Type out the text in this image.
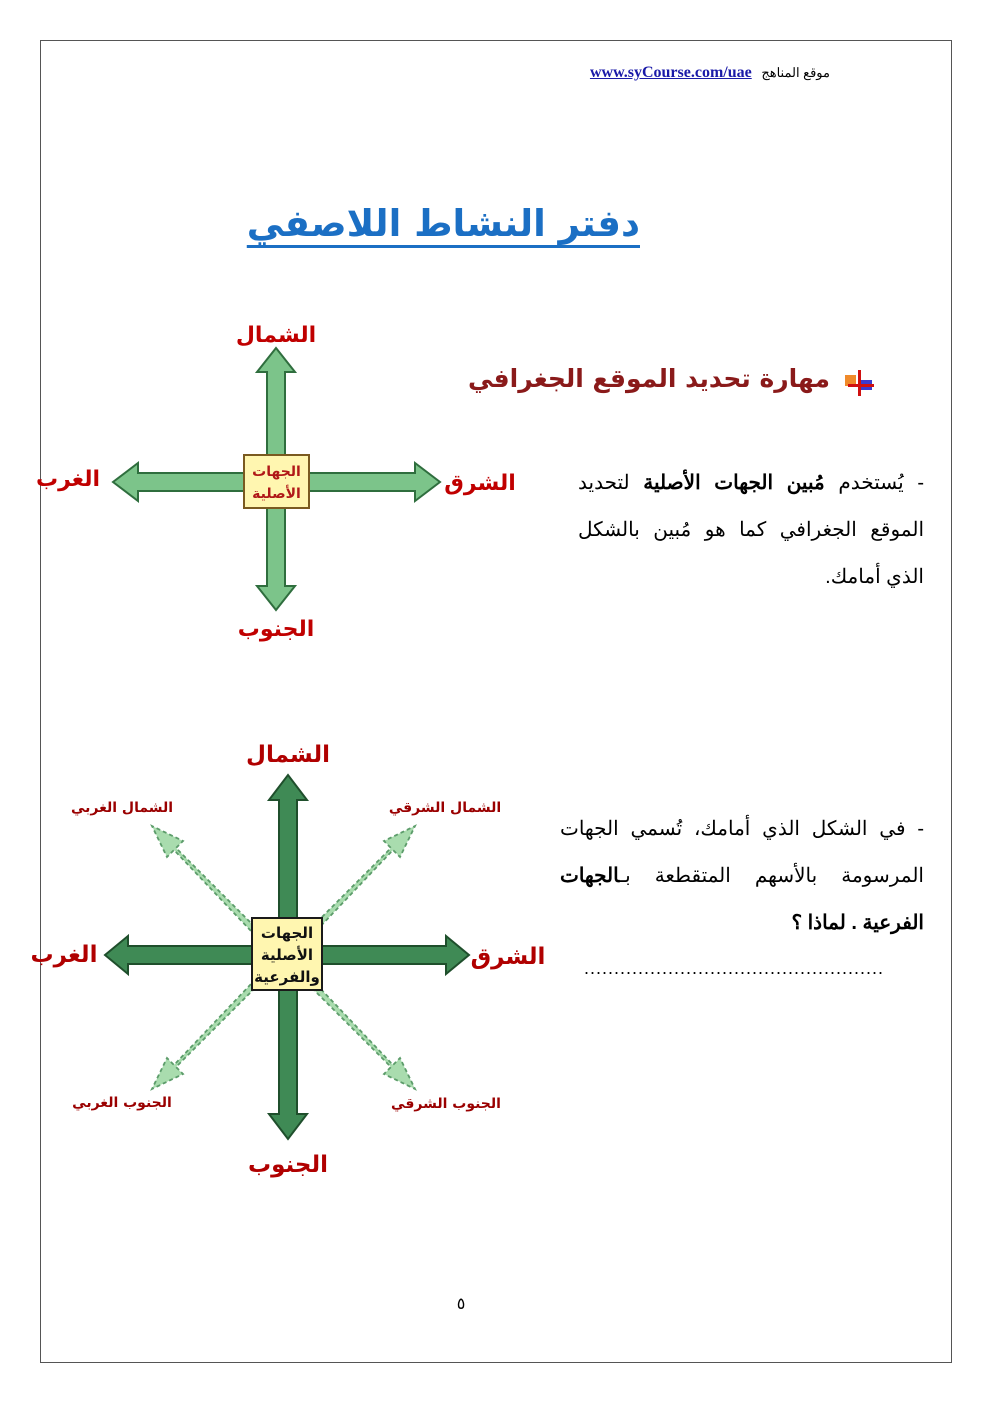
موقع المناهج www.syCourse.com/uae
دفتر النشاط اللاصفي
مهارة تحديد الموقع الجغرافي
- يُستخدم مُبين الجهات الأصلية لتحديد الموقع الجغرافي كما هو مُبين بالشكل الذي أمامك.
- في الشكل الذي أمامك، تُسمي الجهات المرسومة بالأسهم المتقطعة بـالجهات الفرعية . لماذا ؟
..................................................
الجهات
الأصلية
الشمال
الجنوب
الشرق
الغرب
الجهات
الأصلية
والفرعية
الشمال
الجنوب
الشرق
الغرب
الشمال الشرقي
الشمال الغربي
الجنوب الشرقي
الجنوب الغربي
٥
